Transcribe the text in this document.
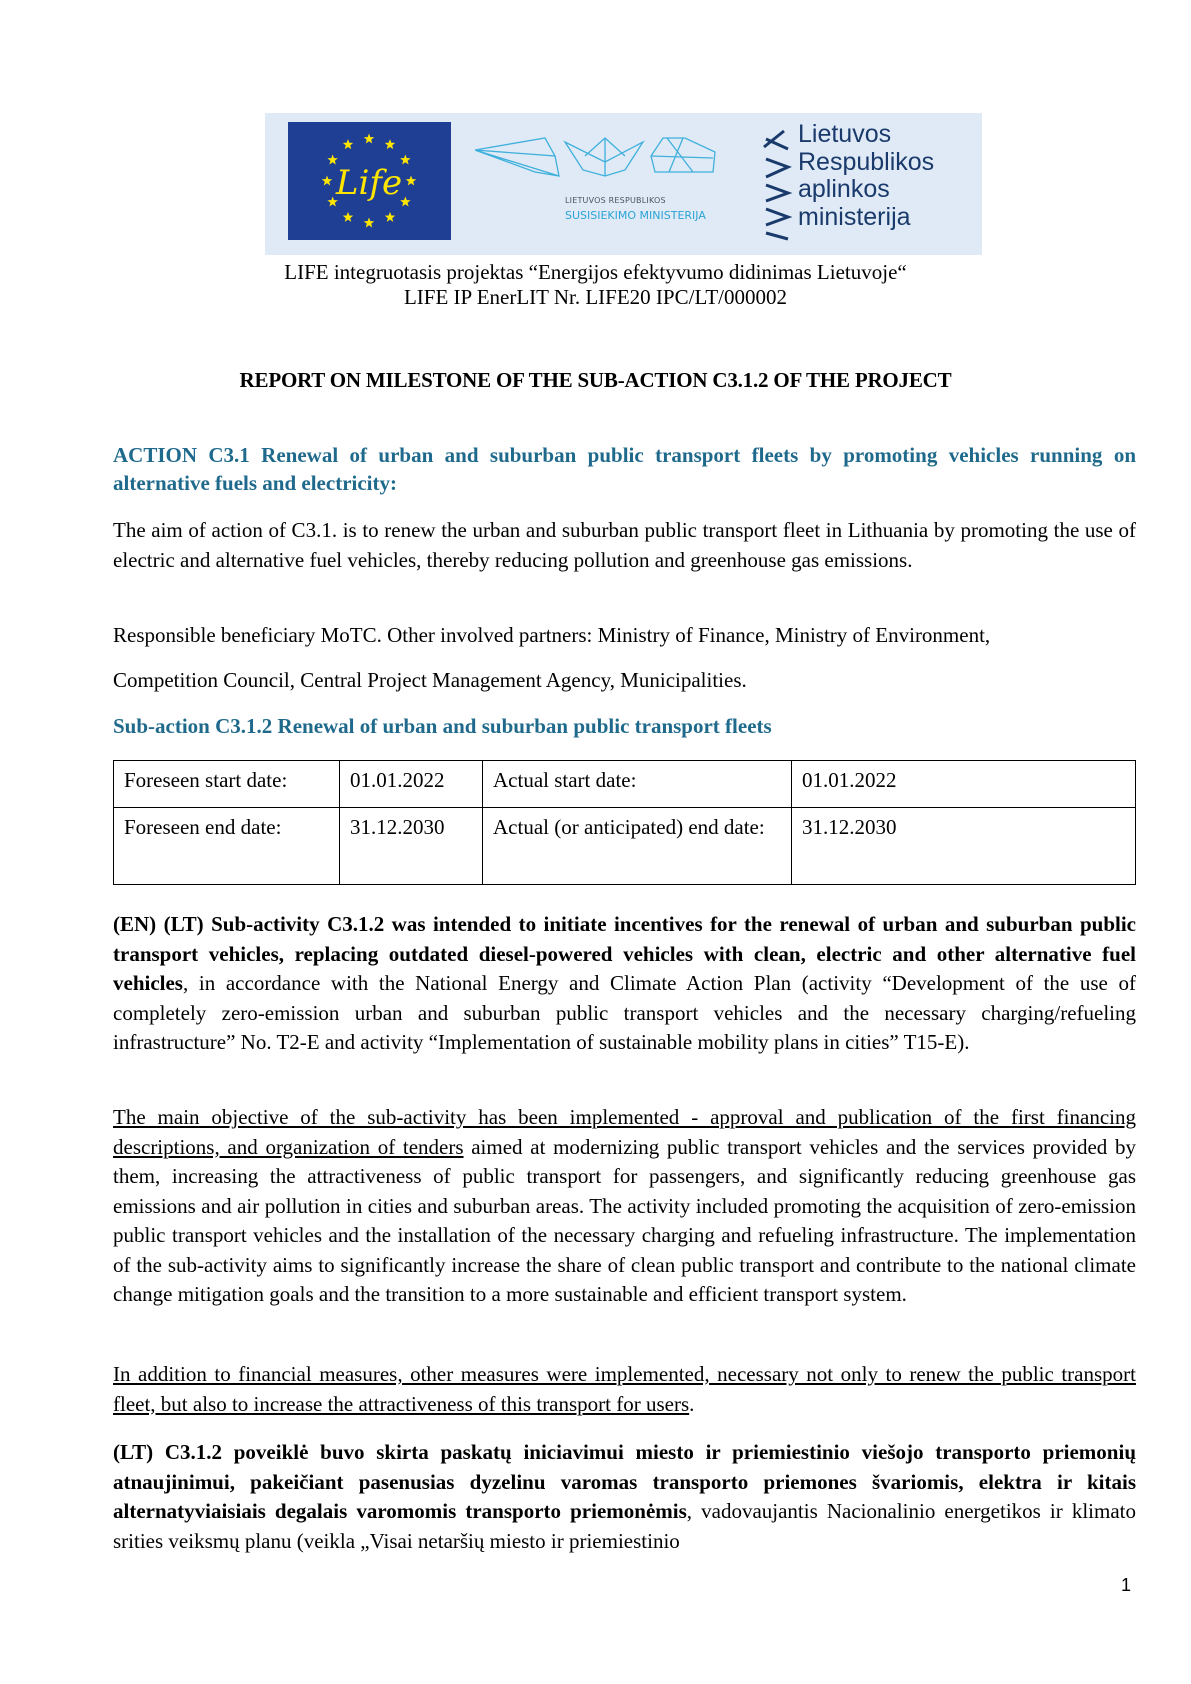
Life	LIETUVOS RESPUBLIKOS
SUSISIEKIMO MINISTERIJA
Lietuvos
Respublikos
aplinkos
ministerija
LIFE integruotasis projektas “Energijos efektyvumo didinimas Lietuvoje“
LIFE IP EnerLIT Nr. LIFE20 IPC/LT/000002
REPORT ON MILESTONE OF THE SUB-ACTION C3.1.2 OF THE PROJECT
ACTION C3.1 Renewal of urban and suburban public transport fleets by promoting vehicles running on alternative fuels and electricity:
The aim of action of C3.1. is to renew the urban and suburban public transport fleet in Lithuania by promoting the use of electric and alternative fuel vehicles, thereby reducing pollution and greenhouse gas emissions.
Responsible beneficiary MoTC. Other involved partners: Ministry of Finance, Ministry of Environment,
Competition Council, Central Project Management Agency, Municipalities.
Sub-action C3.1.2 Renewal of urban and suburban public transport fleets
Foreseen start date:	01.01.2022	Actual start date:	01.01.2022
Foreseen end date:	31.12.2030	Actual (or anticipated) end date:	31.12.2030
(EN) (LT) Sub-activity C3.1.2 was intended to initiate incentives for the renewal of urban and suburban public transport vehicles, replacing outdated diesel-powered vehicles with clean, electric and other alternative fuel vehicles, in accordance with the National Energy and Climate Action Plan (activity “Development of the use of completely zero-emission urban and suburban public transport vehicles and the necessary charging/refueling infrastructure” No. T2-E and activity “Implementation of sustainable mobility plans in cities” T15-E).
The main objective of the sub-activity has been implemented - approval and publication of the first financing descriptions, and organization of tenders aimed at modernizing public transport vehicles and the services provided by them, increasing the attractiveness of public transport for passengers, and significantly reducing greenhouse gas emissions and air pollution in cities and suburban areas. The activity included promoting the acquisition of zero-emission public transport vehicles and the installation of the necessary charging and refueling infrastructure. The implementation of the sub-activity aims to significantly increase the share of clean public transport and contribute to the national climate change mitigation goals and the transition to a more sustainable and efficient transport system.
In addition to financial measures, other measures were implemented, necessary not only to renew the public transport fleet, but also to increase the attractiveness of this transport for users.
(LT) C3.1.2 poveiklė buvo skirta paskatų iniciavimui miesto ir priemiestinio viešojo transporto priemonių atnaujinimui, pakeičiant pasenusias dyzelinu varomas transporto priemones švariomis, elektra ir kitais alternatyviaisiais degalais varomomis transporto priemonėmis, vadovaujantis Nacionalinio energetikos ir klimato srities veiksmų planu (veikla „Visai netaršių miesto ir priemiestinio
1
